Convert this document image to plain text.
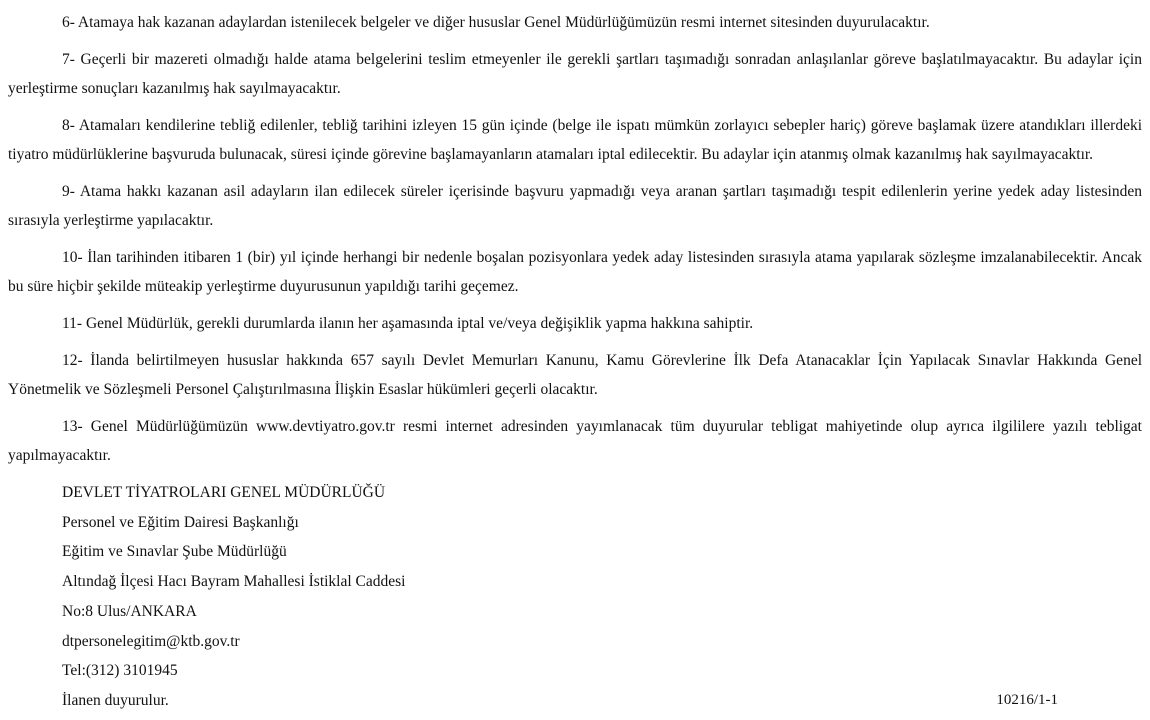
6- Atamaya hak kazanan adaylardan istenilecek belgeler ve diğer hususlar Genel Müdürlüğümüzün resmi internet sitesinden duyurulacaktır.

7- Geçerli bir mazereti olmadığı halde atama belgelerini teslim etmeyenler ile gerekli şartları taşımadığı sonradan anlaşılanlar göreve başlatılmayacaktır. Bu adaylar için yerleştirme sonuçları kazanılmış hak sayılmayacaktır.

8- Atamaları kendilerine tebliğ edilenler, tebliğ tarihini izleyen 15 gün içinde (belge ile ispatı mümkün zorlayıcı sebepler hariç) göreve başlamak üzere atandıkları illerdeki tiyatro müdürlüklerine başvuruda bulunacak, süresi içinde görevine başlamayanların atamaları iptal edilecektir. Bu adaylar için atanmış olmak kazanılmış hak sayılmayacaktır.

9- Atama hakkı kazanan asil adayların ilan edilecek süreler içerisinde başvuru yapmadığı veya aranan şartları taşımadığı tespit edilenlerin yerine yedek aday listesinden sırasıyla yerleştirme yapılacaktır.

10- İlan tarihinden itibaren 1 (bir) yıl içinde herhangi bir nedenle boşalan pozisyonlara yedek aday listesinden sırasıyla atama yapılarak sözleşme imzalanabilecektir. Ancak bu süre hiçbir şekilde müteakip yerleştirme duyurusunun yapıldığı tarihi geçemez.

11- Genel Müdürlük, gerekli durumlarda ilanın her aşamasında iptal ve/veya değişiklik yapma hakkına sahiptir.

12- İlanda belirtilmeyen hususlar hakkında 657 sayılı Devlet Memurları Kanunu, Kamu Görevlerine İlk Defa Atanacaklar İçin Yapılacak Sınavlar Hakkında Genel Yönetmelik ve Sözleşmeli Personel Çalıştırılmasına İlişkin Esaslar hükümleri geçerli olacaktır.

13- Genel Müdürlüğümüzün www.devtiyatro.gov.tr resmi internet adresinden yayımlanacak tüm duyurular tebligat mahiyetinde olup ayrıca ilgililere yazılı tebligat yapılmayacaktır.

DEVLET TİYATROLARI GENEL MÜDÜRLÜĞÜ
Personel ve Eğitim Dairesi Başkanlığı
Eğitim ve Sınavlar Şube Müdürlüğü
Altındağ İlçesi Hacı Bayram Mahallesi İstiklal Caddesi
No:8 Ulus/ANKARA
dtpersonelegitim@ktb.gov.tr
Tel:(312) 3101945
İlanen duyurulur.	10216/1-1
